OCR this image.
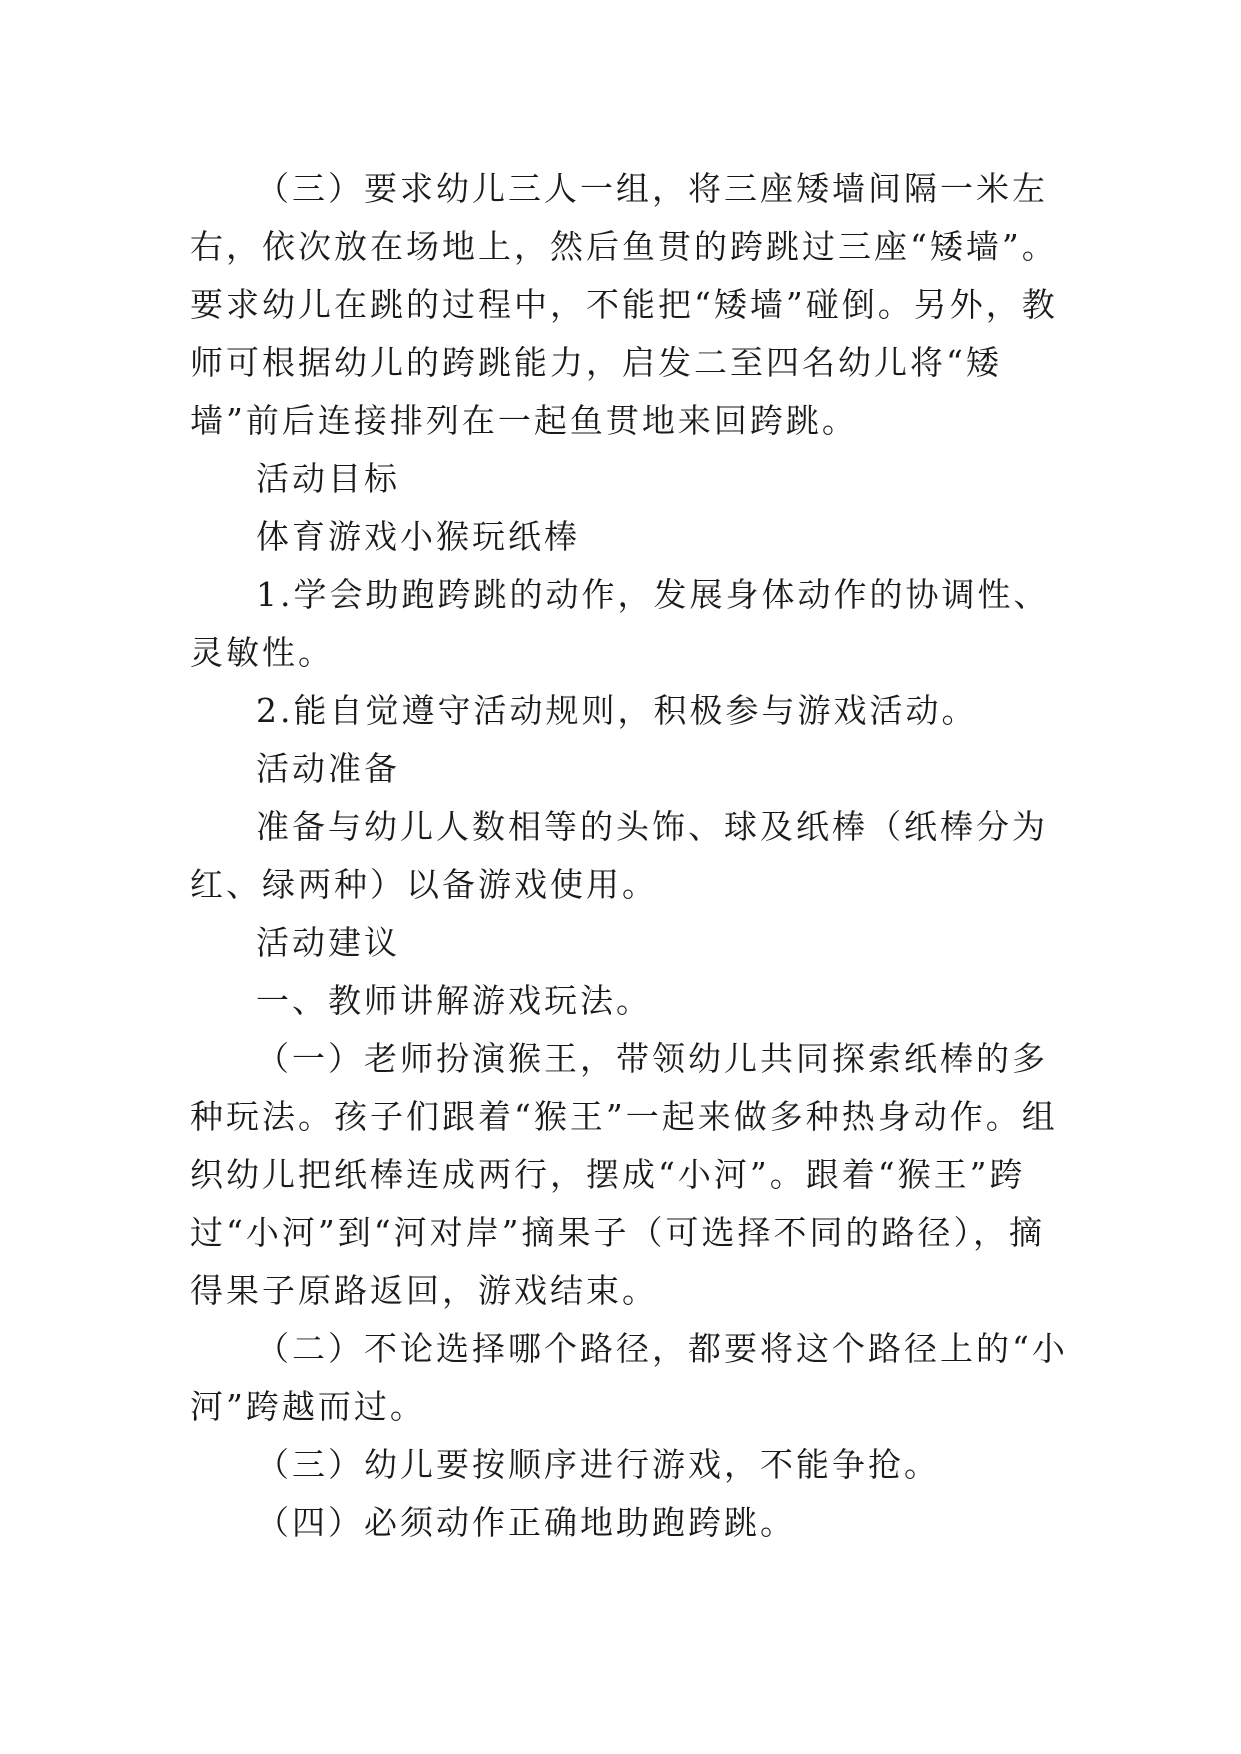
（三）要求幼儿三人一组，将三座矮墙间隔一米左右，依次放在场地上，然后鱼贯的跨跳过三座“矮墙”。要求幼儿在跳的过程中，不能把“矮墙”碰倒。另外，教师可根据幼儿的跨跳能力，启发二至四名幼儿将“矮墙”前后连接排列在一起鱼贯地来回跨跳。

活动目标

体育游戏小猴玩纸棒

1.学会助跑跨跳的动作，发展身体动作的协调性、灵敏性。

2.能自觉遵守活动规则，积极参与游戏活动。

活动准备

准备与幼儿人数相等的头饰、球及纸棒（纸棒分为红、绿两种）以备游戏使用。

活动建议

一、教师讲解游戏玩法。

（一）老师扮演猴王，带领幼儿共同探索纸棒的多种玩法。孩子们跟着“猴王”一起来做多种热身动作。组织幼儿把纸棒连成两行，摆成“小河”。跟着“猴王”跨过“小河”到“河对岸”摘果子（可选择不同的路径），摘得果子原路返回，游戏结束。

（二）不论选择哪个路径，都要将这个路径上的“小河”跨越而过。

（三）幼儿要按顺序进行游戏，不能争抢。

（四）必须动作正确地助跑跨跳。
